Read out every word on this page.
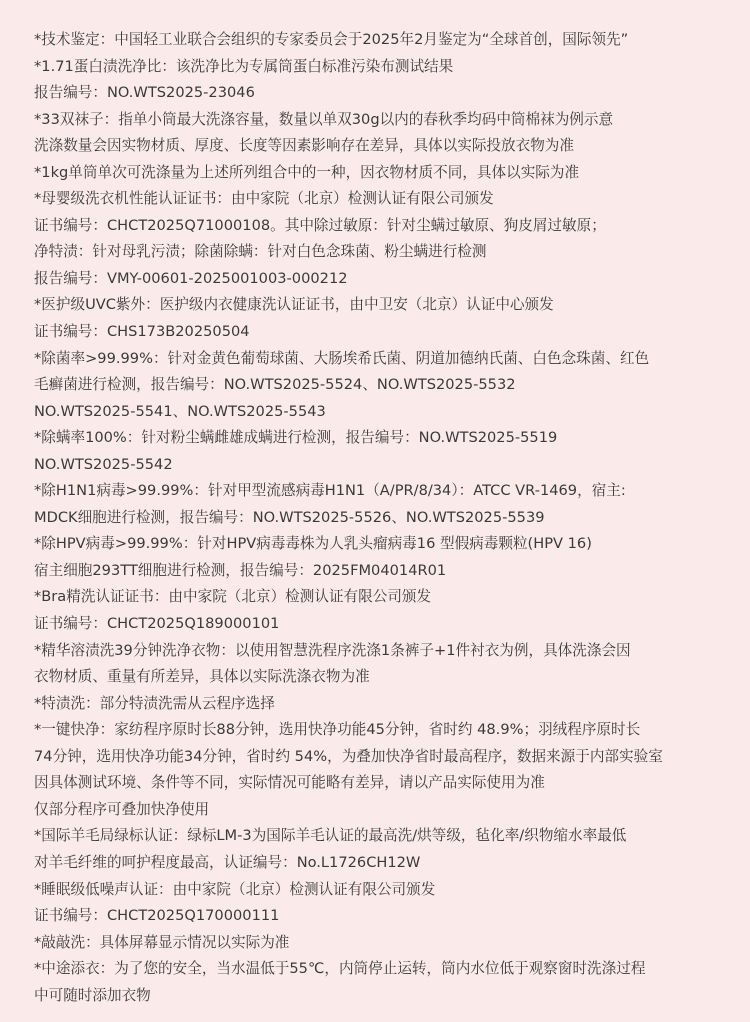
*技术鉴定：中国轻工业联合会组织的专家委员会于2025年2月鉴定为“全球首创，国际领先”
*1.71蛋白渍洗净比：该洗净比为专属筒蛋白标准污染布测试结果
报告编号：NO.WTS2025-23046
*33双袜子：指单小筒最大洗涤容量，数量以单双30g以内的春秋季均码中筒棉袜为例示意
洗涤数量会因实物材质、厚度、长度等因素影响存在差异，具体以实际投放衣物为准
*1kg单筒单次可洗涤量为上述所列组合中的一种，因衣物材质不同，具体以实际为准
*母婴级洗衣机性能认证证书：由中家院（北京）检测认证有限公司颁发
证书编号：CHCT2025Q71000108。其中除过敏原：针对尘螨过敏原、狗皮屑过敏原；
净特渍：针对母乳污渍；除菌除螨：针对白色念珠菌、粉尘螨进行检测
报告编号：VMY-00601-2025001003-000212
*医护级UVC紫外：医护级内衣健康洗认证证书，由中卫安（北京）认证中心颁发
证书编号：CHS173B20250504
*除菌率>99.99%：针对金黄色葡萄球菌、大肠埃希氏菌、阴道加德纳氏菌、白色念珠菌、红色
毛癣菌进行检测，报告编号：NO.WTS2025-5524、NO.WTS2025-5532
NO.WTS2025-5541、NO.WTS2025-5543
*除螨率100%：针对粉尘螨雌雄成螨进行检测，报告编号：NO.WTS2025-5519
NO.WTS2025-5542
*除H1N1病毒>99.99%：针对甲型流感病毒H1N1（A/PR/8/34）：ATCC VR-1469，宿主:
MDCK细胞进行检测，报告编号：NO.WTS2025-5526、NO.WTS2025-5539
*除HPV病毒>99.99%：针对HPV病毒毒株为人乳头瘤病毒16 型假病毒颗粒(HPV 16)
宿主细胞293TT细胞进行检测，报告编号：2025FM04014R01
*Bra精洗认证证书：由中家院（北京）检测认证有限公司颁发
证书编号：CHCT2025Q189000101
*精华溶渍洗39分钟洗净衣物：以使用智慧洗程序洗涤1条裤子+1件衬衣为例，具体洗涤会因
衣物材质、重量有所差异，具体以实际洗涤衣物为准
*特渍洗：部分特渍洗需从云程序选择
*一键快净：家纺程序原时长88分钟，选用快净功能45分钟，省时约 48.9%；羽绒程序原时长
74分钟，选用快净功能34分钟，省时约 54%，为叠加快净省时最高程序，数据来源于内部实验室
因具体测试环境、条件等不同，实际情况可能略有差异，请以产品实际使用为准
仅部分程序可叠加快净使用
*国际羊毛局绿标认证：绿标LM-3为国际羊毛认证的最高洗/烘等级，毡化率/织物缩水率最低
对羊毛纤维的呵护程度最高，认证编号：No.L1726CH12W
*睡眠级低噪声认证：由中家院（北京）检测认证有限公司颁发
证书编号：CHCT2025Q170000111
*敲敲洗：具体屏幕显示情况以实际为准
*中途添衣：为了您的安全，当水温低于55℃，内筒停止运转，筒内水位低于观察窗时洗涤过程
中可随时添加衣物
